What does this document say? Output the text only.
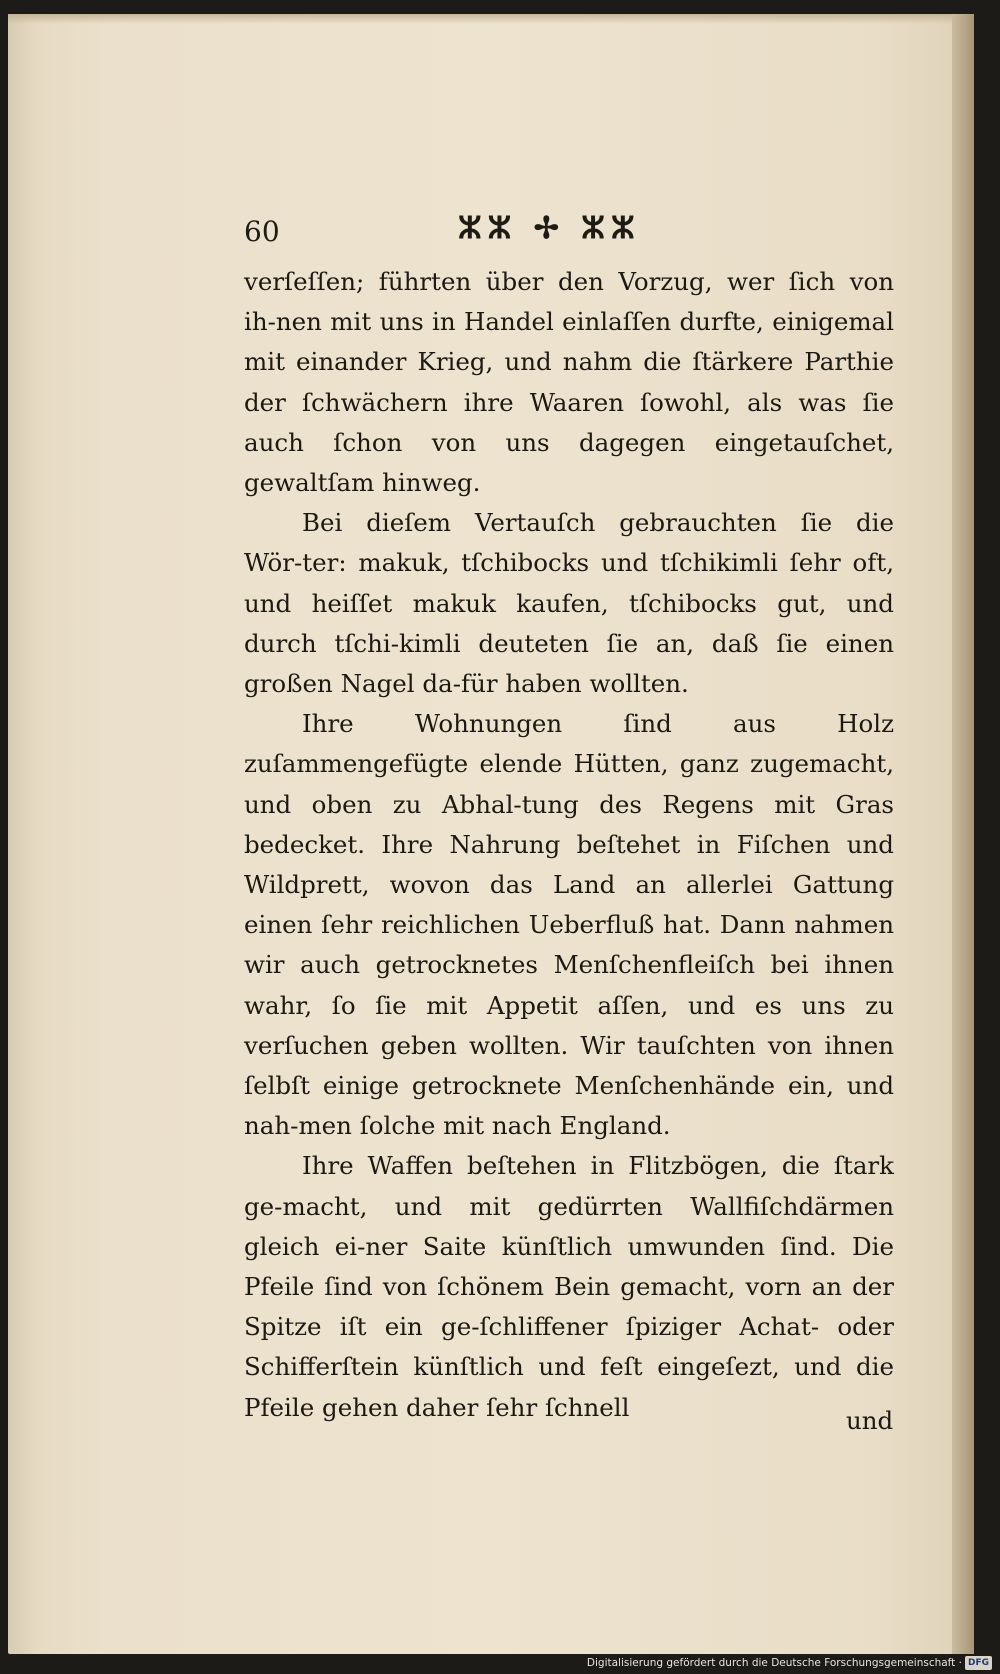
60	ⵣⵣ ✢ ⵣⵣ

verſeſſen; führten über den Vorzug, wer ſich von ih‑nen mit uns in Handel einlaſſen durfte, einigemal mit einander Krieg, und nahm die ſtärkere Parthie der ſchwächern ihre Waaren ſowohl, als was ſie auch ſchon von uns dagegen eingetauſchet, gewaltſam hinweg.

Bei dieſem Vertauſch gebrauchten ſie die Wör‑ter: makuk, tſchibocks und tſchikimli ſehr oft, und heiſſet makuk kaufen, tſchibocks gut, und durch tſchi‑kimli deuteten ſie an, daß ſie einen großen Nagel da‑für haben wollten.

Ihre Wohnungen ſind aus Holz zuſammengefügte elende Hütten, ganz zugemacht, und oben zu Abhal‑tung des Regens mit Gras bedecket. Ihre Nahrung beſtehet in Fiſchen und Wildprett, wovon das Land an allerlei Gattung einen ſehr reichlichen Ueberfluß hat. Dann nahmen wir auch getrocknetes Menſchenfleiſch bei ihnen wahr, ſo ſie mit Appetit aſſen, und es uns zu verſuchen geben wollten. Wir tauſchten von ihnen ſelbſt einige getrocknete Menſchenhände ein, und nah‑men ſolche mit nach England.

Ihre Waffen beſtehen in Flitzbögen, die ſtark ge‑macht, und mit gedürrten Wallfiſchdärmen gleich ei‑ner Saite künſtlich umwunden ſind. Die Pfeile ſind von ſchönem Bein gemacht, vorn an der Spitze iſt ein ge‑ſchliffener ſpiziger Achat‑ oder Schifferſtein künſtlich und feſt eingeſezt, und die Pfeile gehen daher ſehr ſchnell	und
Digitalisierung gefördert durch die Deutsche Forschungsgemeinschaft · DFG
